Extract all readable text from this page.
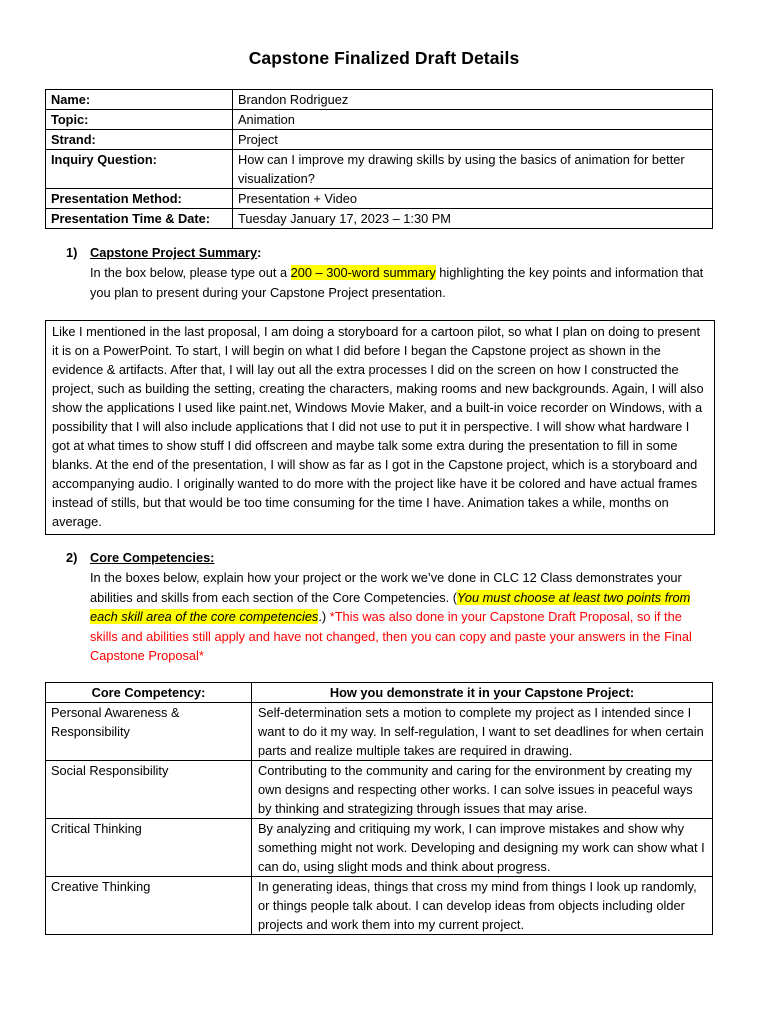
Capstone Finalized Draft Details
Name:	Brandon Rodriguez
Topic:	Animation
Strand:	Project
Inquiry Question:	How can I improve my drawing skills by using the basics of animation for better visualization?
Presentation Method:	Presentation + Video
Presentation Time & Date:	Tuesday January 17, 2023 – 1:30 PM
1) Capstone Project Summary:
In the box below, please type out a 200 – 300-word summary highlighting the key points and information that you plan to present during your Capstone Project presentation.
Like I mentioned in the last proposal, I am doing a storyboard for a cartoon pilot, so what I plan on doing to present it is on a PowerPoint. To start, I will begin on what I did before I began the Capstone project as shown in the evidence & artifacts. After that, I will lay out all the extra processes I did on the screen on how I constructed the project, such as building the setting, creating the characters, making rooms and new backgrounds. Again, I will also show the applications I used like paint.net, Windows Movie Maker, and a built-in voice recorder on Windows, with a possibility that I will also include applications that I did not use to put it in perspective. I will show what hardware I got at what times to show stuff I did offscreen and maybe talk some extra during the presentation to fill in some blanks. At the end of the presentation, I will show as far as I got in the Capstone project, which is a storyboard and accompanying audio. I originally wanted to do more with the project like have it be colored and have actual frames instead of stills, but that would be too time consuming for the time I have. Animation takes a while, months on average.
2) Core Competencies:
In the boxes below, explain how your project or the work we’ve done in CLC 12 Class demonstrates your abilities and skills from each section of the Core Competencies. (You must choose at least two points from each skill area of the core competencies.) *This was also done in your Capstone Draft Proposal, so if the skills and abilities still apply and have not changed, then you can copy and paste your answers in the Final Capstone Proposal*
Core Competency:	How you demonstrate it in your Capstone Project:
Personal Awareness & Responsibility	Self-determination sets a motion to complete my project as I intended since I want to do it my way. In self-regulation, I want to set deadlines for when certain parts and realize multiple takes are required in drawing.
Social Responsibility	Contributing to the community and caring for the environment by creating my own designs and respecting other works. I can solve issues in peaceful ways by thinking and strategizing through issues that may arise.
Critical Thinking	By analyzing and critiquing my work, I can improve mistakes and show why something might not work. Developing and designing my work can show what I can do, using slight mods and think about progress.
Creative Thinking	In generating ideas, things that cross my mind from things I look up randomly, or things people talk about. I can develop ideas from objects including older projects and work them into my current project.
